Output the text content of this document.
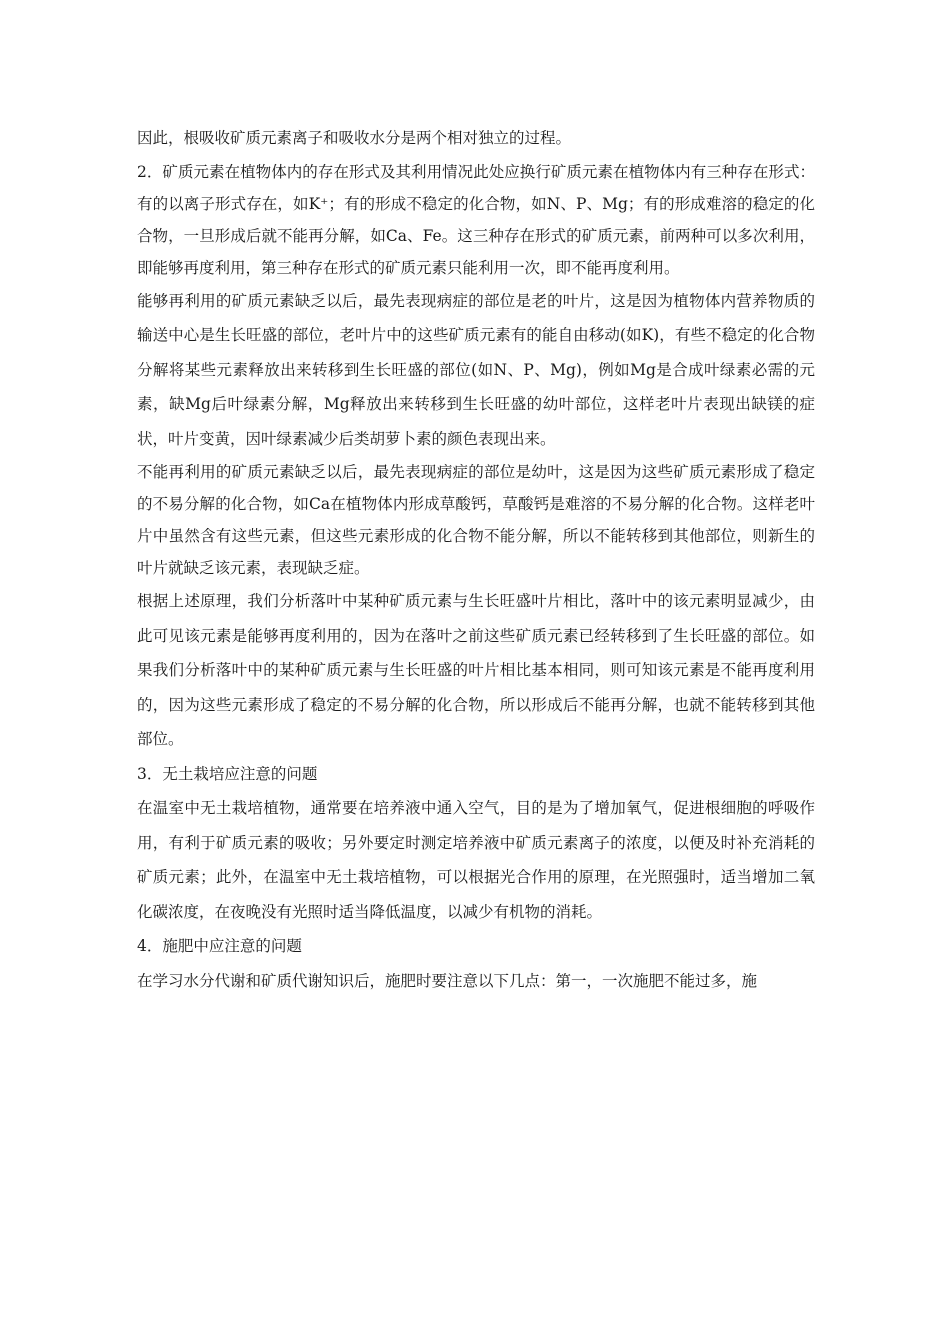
因此，根吸收矿质元素离子和吸收水分是两个相对独立的过程。

2．矿质元素在植物体内的存在形式及其利用情况此处应换行矿质元素在植物体内有三种存在形式：有的以离子形式存在，如K⁺；有的形成不稳定的化合物，如N、P、Mg；有的形成难溶的稳定的化合物，一旦形成后就不能再分解，如Ca、Fe。这三种存在形式的矿质元素，前两种可以多次利用，即能够再度利用，第三种存在形式的矿质元素只能利用一次，即不能再度利用。

能够再利用的矿质元素缺乏以后，最先表现病症的部位是老的叶片，这是因为植物体内营养物质的输送中心是生长旺盛的部位，老叶片中的这些矿质元素有的能自由移动(如K)，有些不稳定的化合物分解将某些元素释放出来转移到生长旺盛的部位(如N、P、Mg)，例如Mg是合成叶绿素必需的元素，缺Mg后叶绿素分解，Mg释放出来转移到生长旺盛的幼叶部位，这样老叶片表现出缺镁的症状，叶片变黄，因叶绿素减少后类胡萝卜素的颜色表现出来。

不能再利用的矿质元素缺乏以后，最先表现病症的部位是幼叶，这是因为这些矿质元素形成了稳定的不易分解的化合物，如Ca在植物体内形成草酸钙，草酸钙是难溶的不易分解的化合物。这样老叶片中虽然含有这些元素，但这些元素形成的化合物不能分解，所以不能转移到其他部位，则新生的叶片就缺乏该元素，表现缺乏症。

根据上述原理，我们分析落叶中某种矿质元素与生长旺盛叶片相比，落叶中的该元素明显减少，由此可见该元素是能够再度利用的，因为在落叶之前这些矿质元素已经转移到了生长旺盛的部位。如果我们分析落叶中的某种矿质元素与生长旺盛的叶片相比基本相同，则可知该元素是不能再度利用的，因为这些元素形成了稳定的不易分解的化合物，所以形成后不能再分解，也就不能转移到其他部位。

3．无土栽培应注意的问题

在温室中无土栽培植物，通常要在培养液中通入空气，目的是为了增加氧气，促进根细胞的呼吸作用，有利于矿质元素的吸收；另外要定时测定培养液中矿质元素离子的浓度，以便及时补充消耗的矿质元素；此外，在温室中无土栽培植物，可以根据光合作用的原理，在光照强时，适当增加二氧化碳浓度，在夜晚没有光照时适当降低温度，以减少有机物的消耗。

4．施肥中应注意的问题

在学习水分代谢和矿质代谢知识后，施肥时要注意以下几点：第一，一次施肥不能过多，施
